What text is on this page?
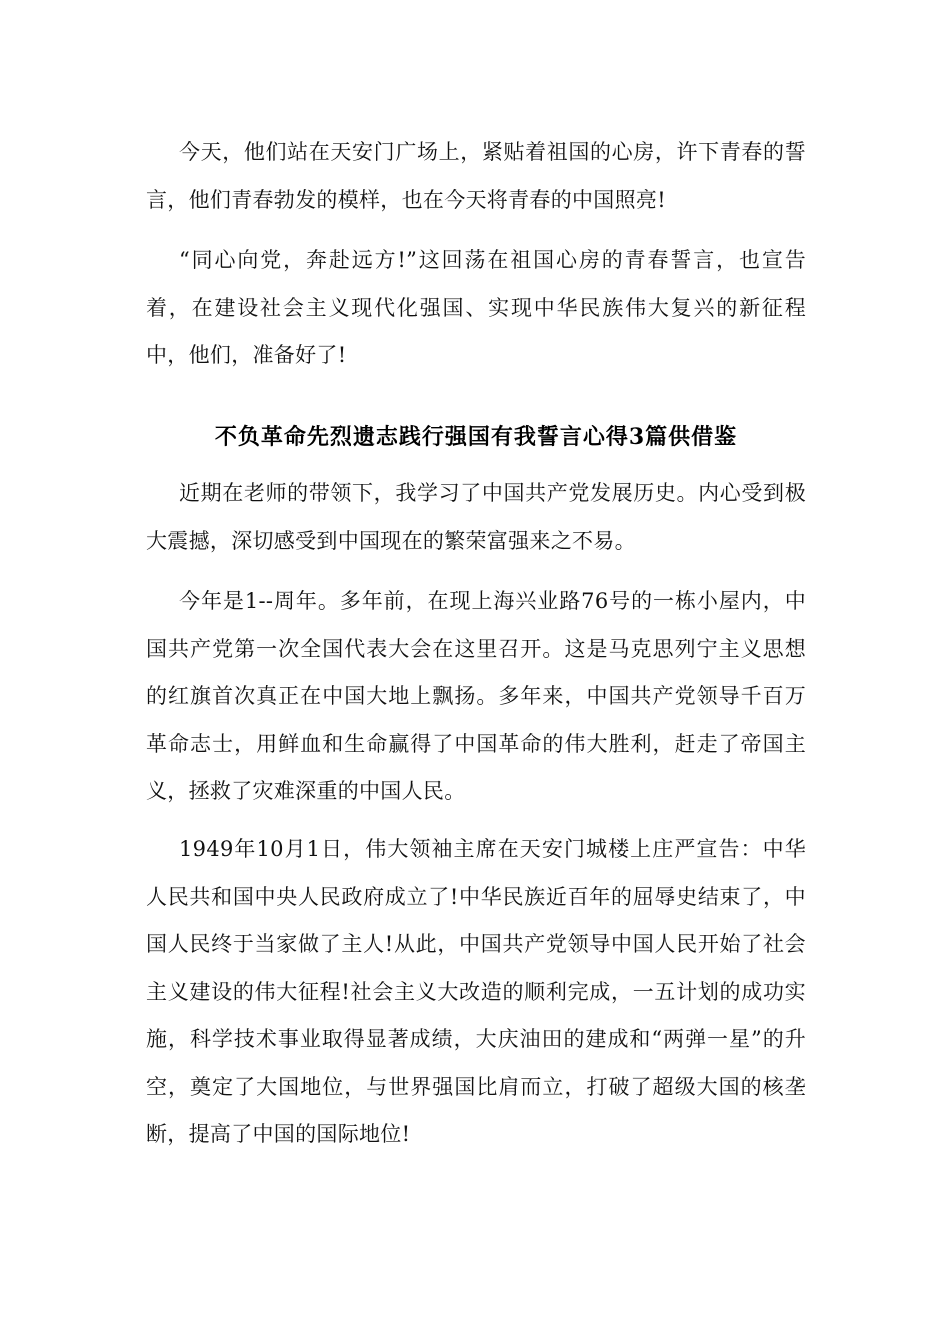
今天，他们站在天安门广场上，紧贴着祖国的心房，许下青春的誓言，他们青春勃发的模样，也在今天将青春的中国照亮!

“同心向党，奔赴远方!”这回荡在祖国心房的青春誓言，也宣告着，在建设社会主义现代化强国、实现中华民族伟大复兴的新征程中，他们，准备好了!

不负革命先烈遗志践行强国有我誓言心得3篇供借鉴

近期在老师的带领下，我学习了中国共产党发展历史。内心受到极大震撼，深切感受到中国现在的繁荣富强来之不易。

今年是1--周年。多年前，在现上海兴业路76号的一栋小屋内，中国共产党第一次全国代表大会在这里召开。这是马克思列宁主义思想的红旗首次真正在中国大地上飘扬。多年来，中国共产党领导千百万革命志士，用鲜血和生命赢得了中国革命的伟大胜利，赶走了帝国主义，拯救了灾难深重的中国人民。

1949年10月1日，伟大领袖主席在天安门城楼上庄严宣告：中华人民共和国中央人民政府成立了!中华民族近百年的屈辱史结束了，中国人民终于当家做了主人!从此，中国共产党领导中国人民开始了社会主义建设的伟大征程!社会主义大改造的顺利完成，一五计划的成功实施，科学技术事业取得显著成绩，大庆油田的建成和“两弹一星”的升空，奠定了大国地位，与世界强国比肩而立，打破了超级大国的核垄断，提高了中国的国际地位!
